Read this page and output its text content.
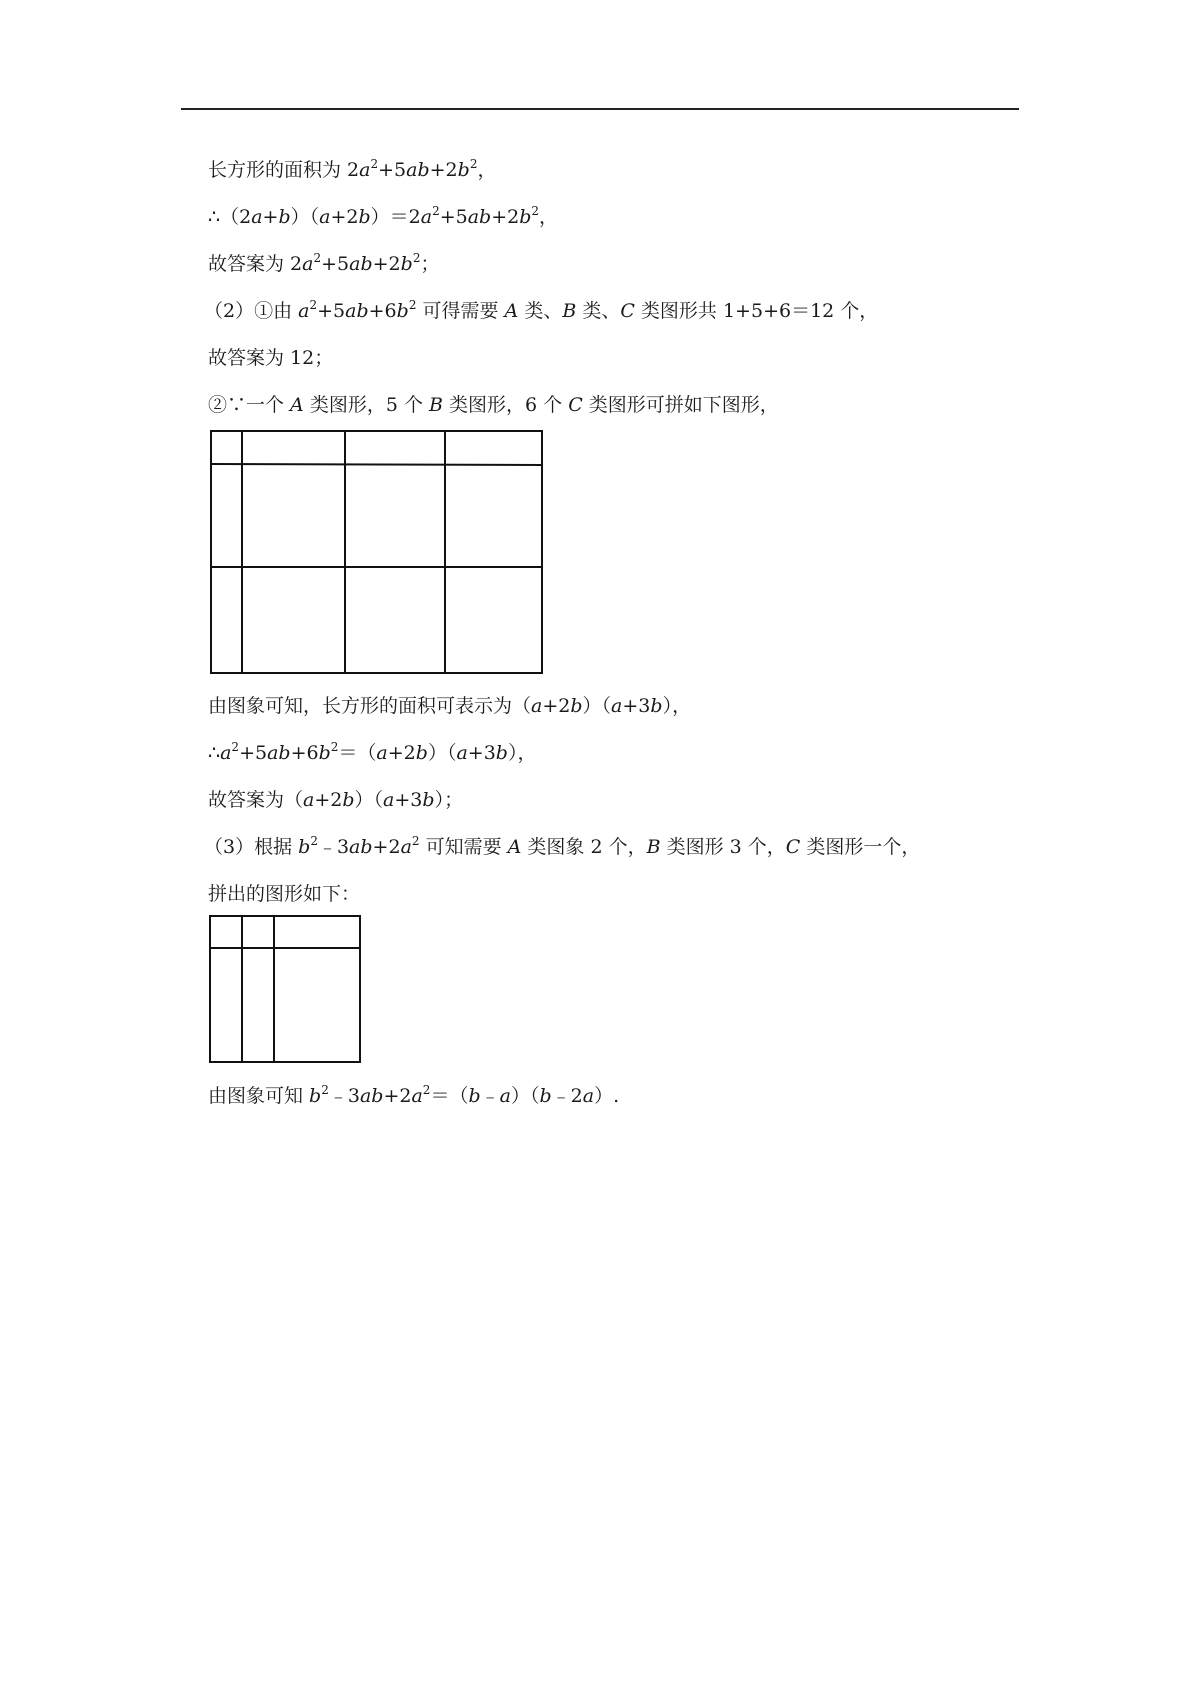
长方形的面积为 $2a^2+5ab+2b^2$，
$\therefore(2a+b)(a+2b)=2a^2+5ab+2b^2$，
故答案为 $2a^2+5ab+2b^2$；
（2）①由 $a^2+5ab+6b^2$ 可得需要 A 类、B 类、C 类图形共 1+5+6＝12 个，
故答案为 12；
②∵一个 A 类图形，5 个 B 类图形，6 个 C 类图形可拼如下图形，
由图象可知，长方形的面积可表示为（a+2b）（a+3b），
$\therefore a^2+5ab+6b^2=(a+2b)(a+3b)$，
故答案为（a+2b）（a+3b）；
（3）根据 $b^2﹣3ab+2a^2$ 可知需要 A 类图象 2 个，B 类图形 3 个，C 类图形一个，
拼出的图形如下：
由图象可知 $b^2﹣3ab+2a^2=(b﹣a)(b﹣2a)$.
